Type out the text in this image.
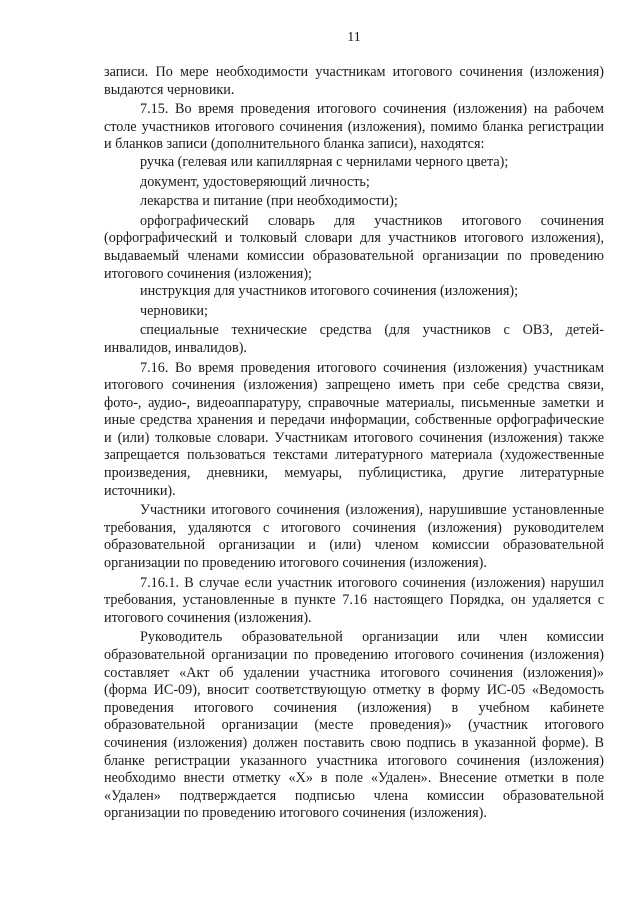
11

записи. По мере необходимости участникам итогового сочинения (изложения) выдаются черновики.

7.15. Во время проведения итогового сочинения (изложения) на рабочем столе участников итогового сочинения (изложения), помимо бланка регистрации и бланков записи (дополнительного бланка записи), находятся:

ручка (гелевая или капиллярная с чернилами черного цвета);

документ, удостоверяющий личность;

лекарства и питание (при необходимости);

орфографический словарь для участников итогового сочинения (орфографический и толковый словари для участников итогового изложения), выдаваемый членами комиссии образовательной организации по проведению итогового сочинения (изложения);

инструкция для участников итогового сочинения (изложения);

черновики;

специальные технические средства (для участников с ОВЗ, детей-инвалидов, инвалидов).

7.16. Во время проведения итогового сочинения (изложения) участникам итогового сочинения (изложения) запрещено иметь при себе средства связи, фото-, аудио-, видеоаппаратуру, справочные материалы, письменные заметки и иные средства хранения и передачи информации, собственные орфографические и (или) толковые словари. Участникам итогового сочинения (изложения) также запрещается пользоваться текстами литературного материала (художественные произведения, дневники, мемуары, публицистика, другие литературные источники).

Участники итогового сочинения (изложения), нарушившие установленные требования, удаляются с итогового сочинения (изложения) руководителем образовательной организации и (или) членом комиссии образовательной организации по проведению итогового сочинения (изложения).

7.16.1. В случае если участник итогового сочинения (изложения) нарушил требования, установленные в пункте 7.16 настоящего Порядка, он удаляется с итогового сочинения (изложения).

Руководитель образовательной организации или член комиссии образовательной организации по проведению итогового сочинения (изложения) составляет «Акт об удалении участника итогового сочинения (изложения)» (форма ИС-09), вносит соответствующую отметку в форму ИС-05 «Ведомость проведения итогового сочинения (изложения) в учебном кабинете образовательной организации (месте проведения)» (участник итогового сочинения (изложения) должен поставить свою подпись в указанной форме). В бланке регистрации указанного участника итогового сочинения (изложения) необходимо внести отметку «X» в поле «Удален». Внесение отметки в поле «Удален» подтверждается подписью члена комиссии образовательной организации по проведению итогового сочинения (изложения).
